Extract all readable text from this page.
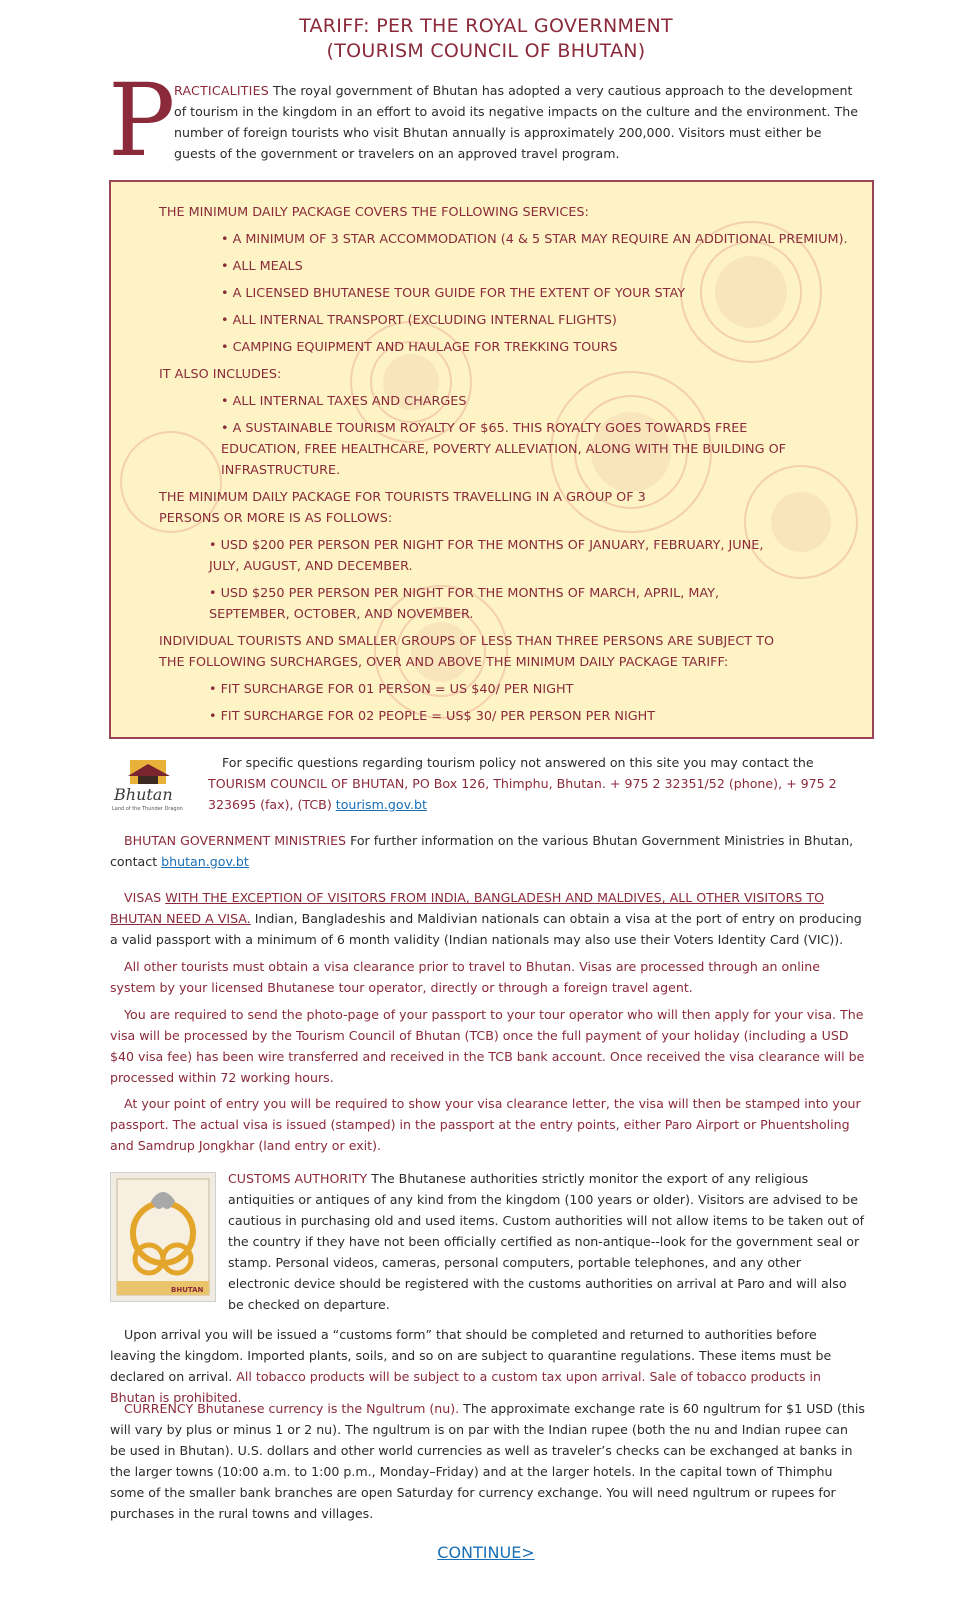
TARIFF: PER THE ROYAL GOVERNMENT
(TOURISM COUNCIL OF BHUTAN)
P
RACTICALITIES The royal government of Bhutan has adopted a very cautious approach to the development of tourism in the kingdom in an effort to avoid its negative impacts on the culture and the environment. The number of foreign tourists who visit Bhutan annually is approximately 200,000. Visitors must either be guests of the government or travelers on an approved travel program.

THE MINIMUM DAILY PACKAGE COVERS THE FOLLOWING SERVICES:

• A MINIMUM OF 3 STAR ACCOMMODATION (4 & 5 STAR MAY REQUIRE AN ADDITIONAL PREMIUM).
• ALL MEALS
• A LICENSED BHUTANESE TOUR GUIDE FOR THE EXTENT OF YOUR STAY
• ALL INTERNAL TRANSPORT (EXCLUDING INTERNAL FLIGHTS)
• CAMPING EQUIPMENT AND HAULAGE FOR TREKKING TOURS

IT ALSO INCLUDES:

• ALL INTERNAL TAXES AND CHARGES
• A SUSTAINABLE TOURISM ROYALTY OF $65. THIS ROYALTY GOES TOWARDS FREE EDUCATION, FREE HEALTHCARE, POVERTY ALLEVIATION, ALONG WITH THE BUILDING OF INFRASTRUCTURE.

THE MINIMUM DAILY PACKAGE FOR TOURISTS TRAVELLING IN A GROUP OF 3 PERSONS OR MORE IS AS FOLLOWS:

• USD $200 PER PERSON PER NIGHT FOR THE MONTHS OF JANUARY, FEBRUARY, JUNE, JULY, AUGUST, AND DECEMBER.
• USD $250 PER PERSON PER NIGHT FOR THE MONTHS OF MARCH, APRIL, MAY, SEPTEMBER, OCTOBER, AND NOVEMBER.

INDIVIDUAL TOURISTS AND SMALLER GROUPS OF LESS THAN THREE PERSONS ARE SUBJECT TO THE FOLLOWING SURCHARGES, OVER AND ABOVE THE MINIMUM DAILY PACKAGE TARIFF:

• FIT SURCHARGE FOR 01 PERSON = US $40/ PER NIGHT
• FIT SURCHARGE FOR 02 PEOPLE = US$ 30/ PER PERSON PER NIGHT
Bhutan
Land of the Thunder Dragon
For specific questions regarding tourism policy not answered on this site you may contact the TOURISM COUNCIL OF BHUTAN, PO Box 126, Thimphu, Bhutan. + 975 2 32351/52 (phone), + 975 2 323695 (fax), (TCB) tourism.gov.bt
BHUTAN GOVERNMENT MINISTRIES For further information on the various Bhutan Government Ministries in Bhutan, contact bhutan.gov.bt
VISAS WITH THE EXCEPTION OF VISITORS FROM INDIA, BANGLADESH AND MALDIVES, ALL OTHER VISITORS TO BHUTAN NEED A VISA. Indian, Bangladeshis and Maldivian nationals can obtain a visa at the port of entry on producing a valid passport with a minimum of 6 month validity (Indian nationals may also use their Voters Identity Card (VIC)).
All other tourists must obtain a visa clearance prior to travel to Bhutan. Visas are processed through an online system by your licensed Bhutanese tour operator, directly or through a foreign travel agent.
You are required to send the photo-page of your passport to your tour operator who will then apply for your visa. The visa will be processed by the Tourism Council of Bhutan (TCB) once the full payment of your holiday (including a USD $40 visa fee) has been wire transferred and received in the TCB bank account. Once received the visa clearance will be processed within 72 working hours.
At your point of entry you will be required to show your visa clearance letter, the visa will then be stamped into your passport. The actual visa is issued (stamped) in the passport at the entry points, either Paro Airport or Phuentsholing and Samdrup Jongkhar (land entry or exit).
BHUTAN
CUSTOMS AUTHORITY The Bhutanese authorities strictly monitor the export of any religious antiquities or antiques of any kind from the kingdom (100 years or older). Visitors are advised to be cautious in purchasing old and used items. Custom authorities will not allow items to be taken out of the country if they have not been officially certified as non-antique--look for the government seal or stamp. Personal videos, cameras, personal computers, portable telephones, and any other electronic device should be registered with the customs authorities on arrival at Paro and will also be checked on departure.
Upon arrival you will be issued a “customs form” that should be completed and returned to authorities before leaving the kingdom. Imported plants, soils, and so on are subject to quarantine regulations. These items must be declared on arrival. All tobacco products will be subject to a custom tax upon arrival. Sale of tobacco products in Bhutan is prohibited.
CURRENCY Bhutanese currency is the Ngultrum (nu). The approximate exchange rate is 60 ngultrum for $1 USD (this will vary by plus or minus 1 or 2 nu). The ngultrum is on par with the Indian rupee (both the nu and Indian rupee can be used in Bhutan). U.S. dollars and other world currencies as well as traveler’s checks can be exchanged at banks in the larger towns (10:00 a.m. to 1:00 p.m., Monday–Friday) and at the larger hotels. In the capital town of Thimphu some of the smaller bank branches are open Saturday for currency exchange. You will need ngultrum or rupees for purchases in the rural towns and villages.
CONTINUE>
